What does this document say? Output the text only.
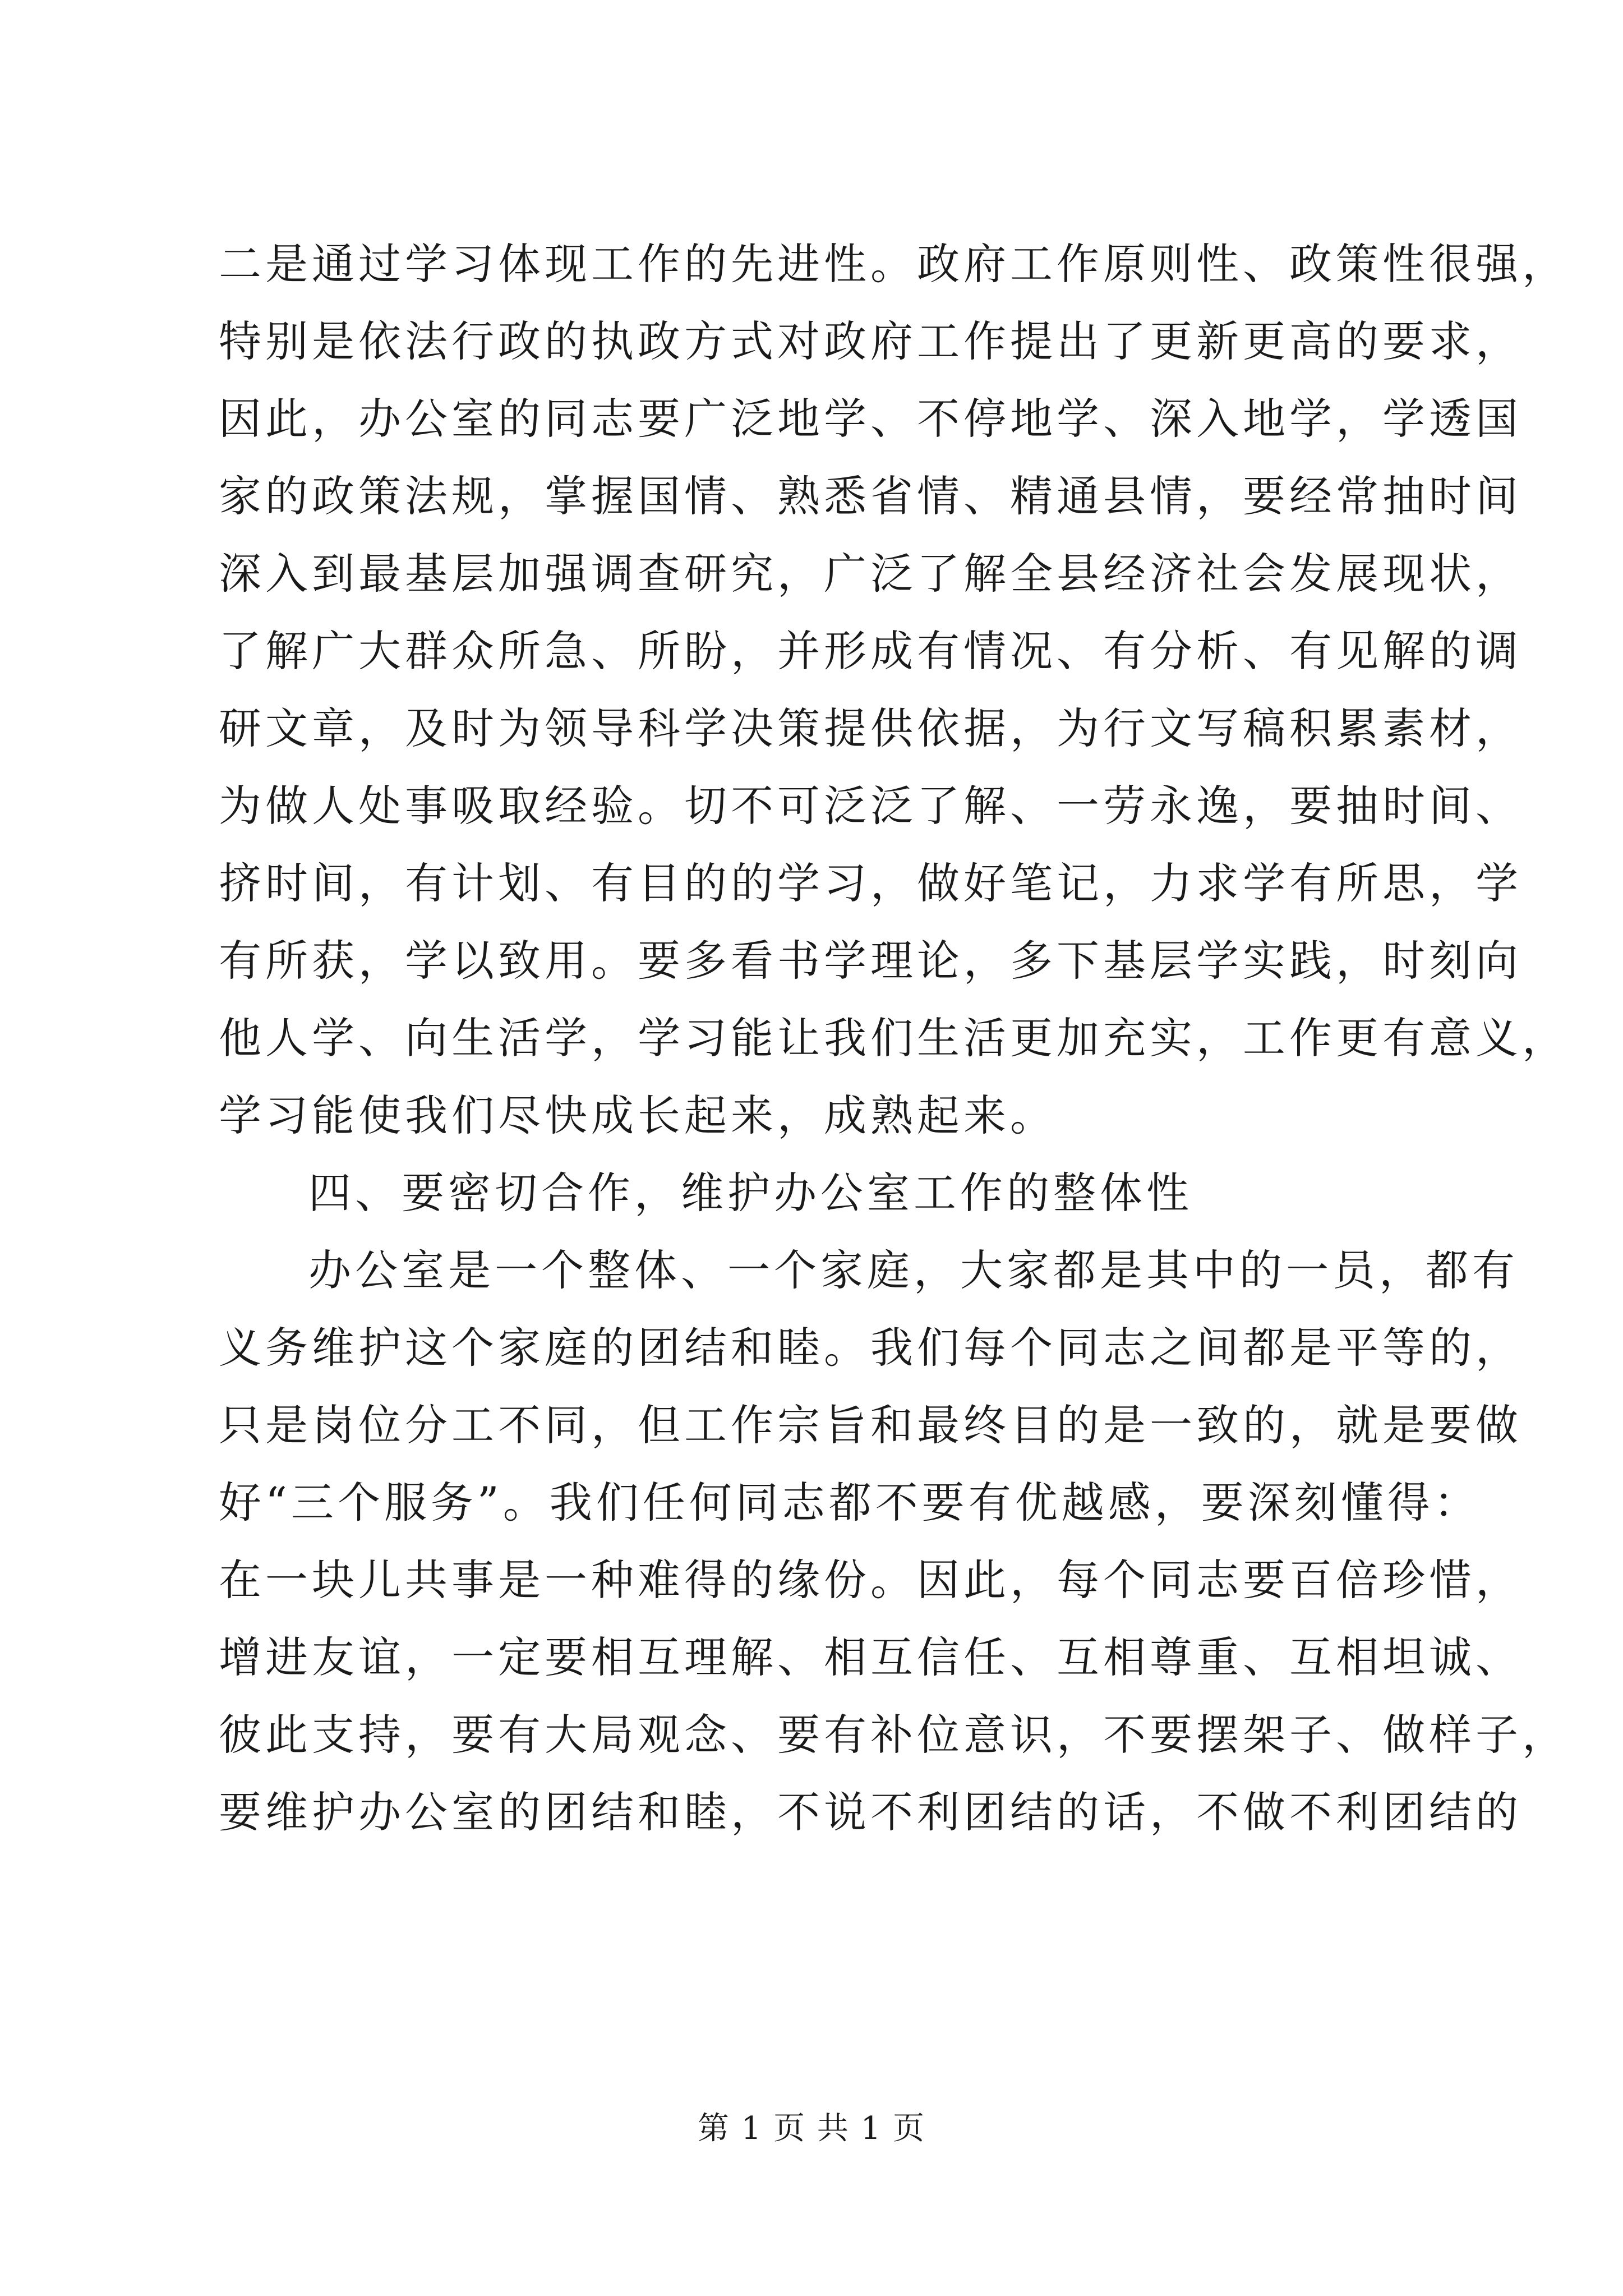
二是通过学习体现工作的先进性。政府工作原则性、政策性很强，
特别是依法行政的执政方式对政府工作提出了更新更高的要求，
因此，办公室的同志要广泛地学、不停地学、深入地学，学透国
家的政策法规，掌握国情、熟悉省情、精通县情，要经常抽时间
深入到最基层加强调查研究，广泛了解全县经济社会发展现状，
了解广大群众所急、所盼，并形成有情况、有分析、有见解的调
研文章，及时为领导科学决策提供依据，为行文写稿积累素材，
为做人处事吸取经验。切不可泛泛了解、一劳永逸，要抽时间、
挤时间，有计划、有目的的学习，做好笔记，力求学有所思，学
有所获，学以致用。要多看书学理论，多下基层学实践，时刻向
他人学、向生活学，学习能让我们生活更加充实，工作更有意义，
学习能使我们尽快成长起来，成熟起来。
四、要密切合作，维护办公室工作的整体性
办公室是一个整体、一个家庭，大家都是其中的一员，都有
义务维护这个家庭的团结和睦。我们每个同志之间都是平等的，
只是岗位分工不同，但工作宗旨和最终目的是一致的，就是要做
好“三个服务”。我们任何同志都不要有优越感，要深刻懂得：
在一块儿共事是一种难得的缘份。因此，每个同志要百倍珍惜，
增进友谊，一定要相互理解、相互信任、互相尊重、互相坦诚、
彼此支持，要有大局观念、要有补位意识，不要摆架子、做样子，
要维护办公室的团结和睦，不说不利团结的话，不做不利团结的
第 1 页 共 1 页
